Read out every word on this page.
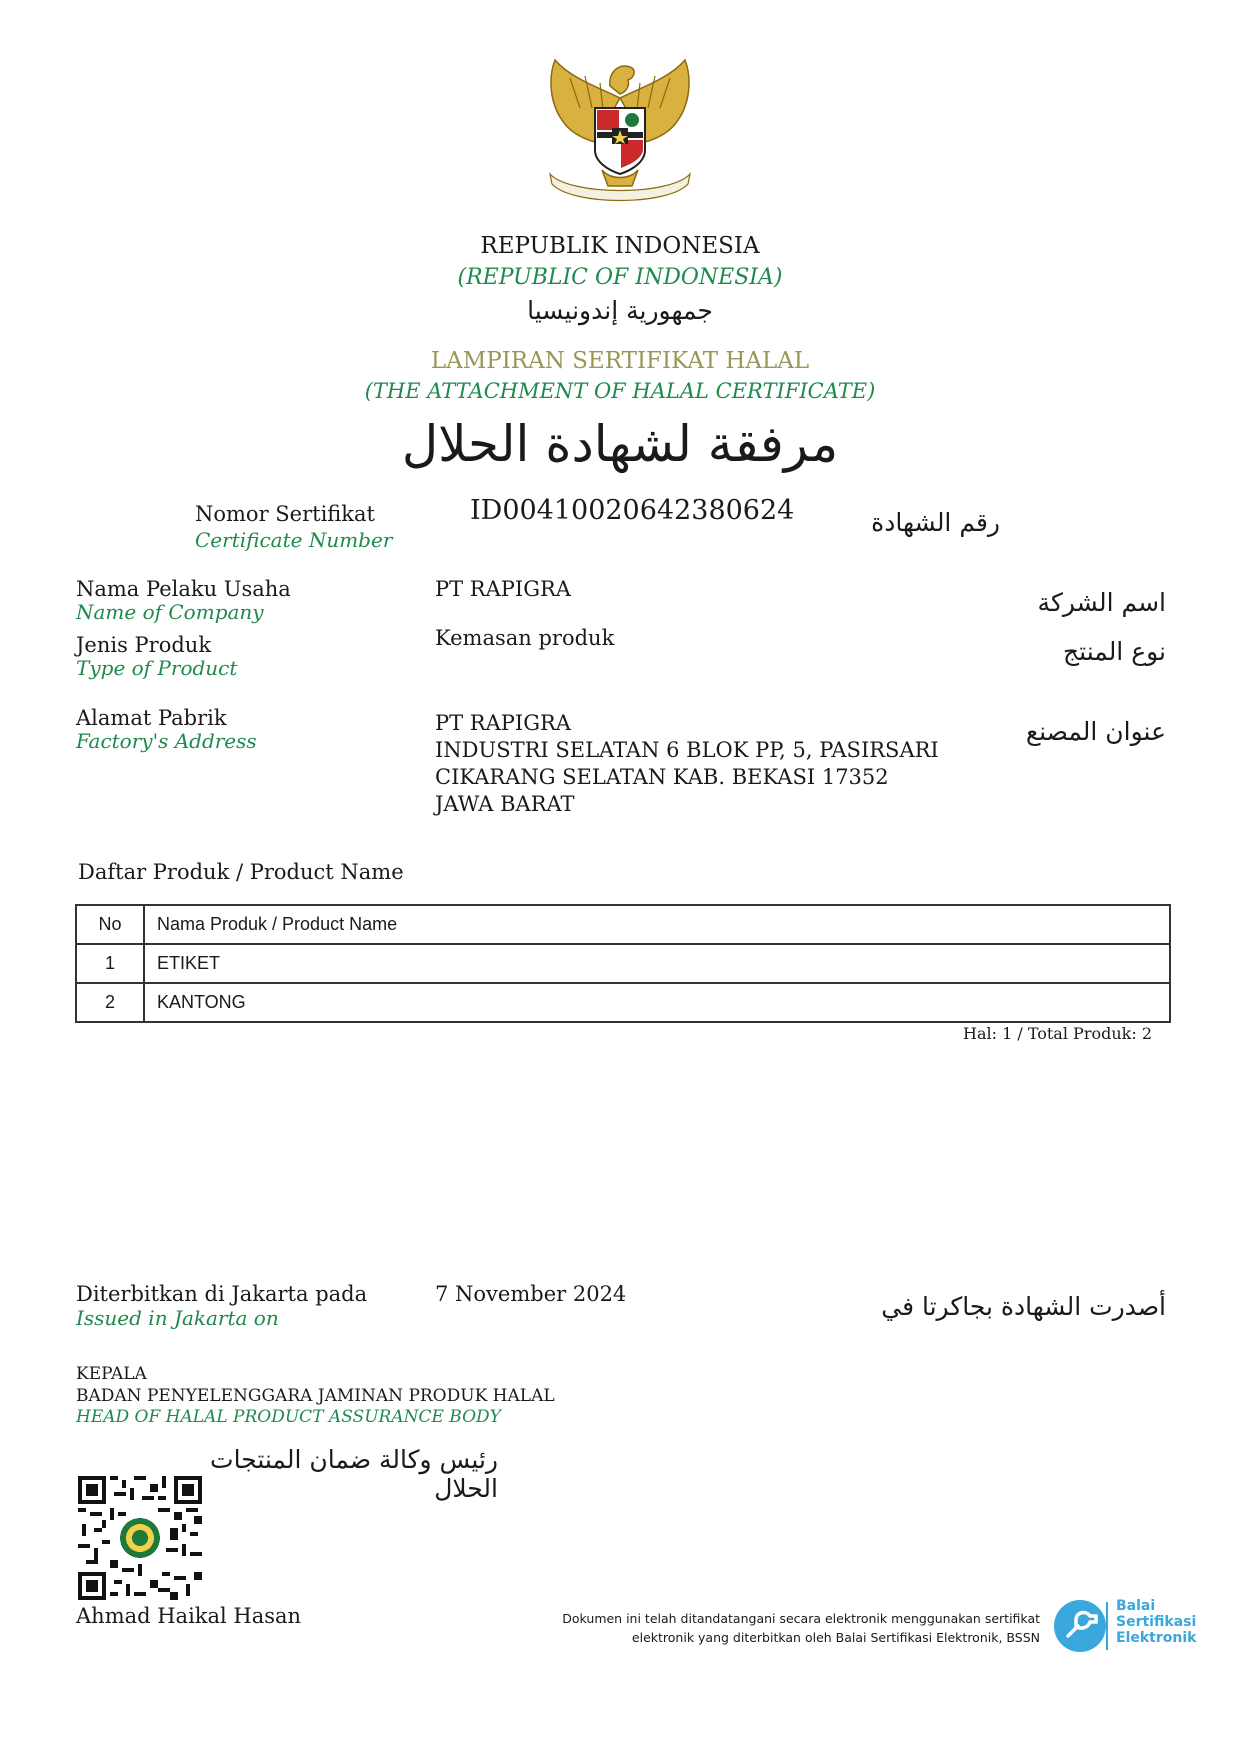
REPUBLIK INDONESIA
(REPUBLIC OF INDONESIA)
جمهورية إندونيسيا
LAMPIRAN SERTIFIKAT HALAL
(THE ATTACHMENT OF HALAL CERTIFICATE)
مرفقة لشهادة الحلال
Nomor Sertifikat
Certificate Number
ID00410020642380624	رقم الشهادة
Nama Pelaku Usaha
Name of Company
PT RAPIGRA	اسم الشركة
Jenis Produk
Type of Product
Kemasan produk	نوع المنتج
Alamat Pabrik
Factory's Address
PT RAPIGRA
INDUSTRI SELATAN 6 BLOK PP, 5, PASIRSARI
CIKARANG SELATAN KAB. BEKASI 17352
JAWA BARAT
عنوان المصنع
Daftar Produk / Product Name
No	Nama Produk / Product Name
1	ETIKET
2	KANTONG
Hal: 1 / Total Produk: 2
Diterbitkan di Jakarta pada
Issued in Jakarta on
7 November 2024	أصدرت الشهادة بجاكرتا في
KEPALA
BADAN PENYELENGGARA JAMINAN PRODUK HALAL
HEAD OF HALAL PRODUCT ASSURANCE BODY
رئيس وكالة ضمان المنتجات الحلال
Ahmad Haikal Hasan	Dokumen ini telah ditandatangani secara elektronik menggunakan sertifikat
elektronik yang diterbitkan oleh Balai Sertifikasi Elektronik, BSSN
Balai
Sertifikasi
Elektronik
